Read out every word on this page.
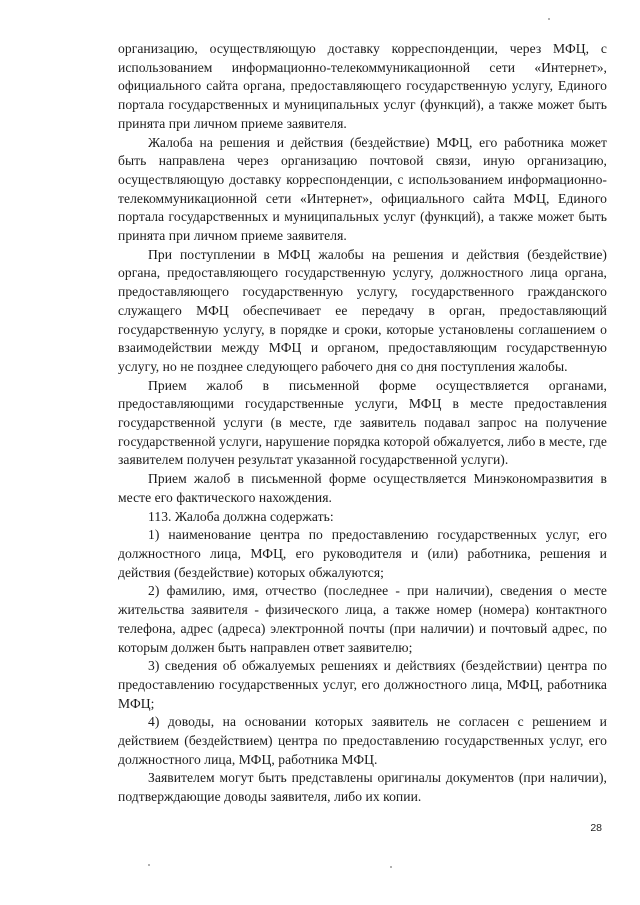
организацию, осуществляющую доставку корреспонденции, через МФЦ, с использованием информационно-телекоммуникационной сети «Интернет», официального сайта органа, предоставляющего государственную услугу, Единого портала государственных и муниципальных услуг (функций), а также может быть принята при личном приеме заявителя.

Жалоба на решения и действия (бездействие) МФЦ, его работника может быть направлена через организацию почтовой связи, иную организацию, осуществляющую доставку корреспонденции, с использованием информационно-телекоммуникационной сети «Интернет», официального сайта МФЦ, Единого портала государственных и муниципальных услуг (функций), а также может быть принята при личном приеме заявителя.

При поступлении в МФЦ жалобы на решения и действия (бездействие) органа, предоставляющего государственную услугу, должностного лица органа, предоставляющего государственную услугу, государственного гражданского служащего МФЦ обеспечивает ее передачу в орган, предоставляющий государственную услугу, в порядке и сроки, которые установлены соглашением о взаимодействии между МФЦ и органом, предоставляющим государственную услугу, но не позднее следующего рабочего дня со дня поступления жалобы.

Прием жалоб в письменной форме осуществляется органами, предоставляющими государственные услуги, МФЦ в месте предоставления государственной услуги (в месте, где заявитель подавал запрос на получение государственной услуги, нарушение порядка которой обжалуется, либо в месте, где заявителем получен результат указанной государственной услуги).

Прием жалоб в письменной форме осуществляется Минэкономразвития в месте его фактического нахождения.

113. Жалоба должна содержать:

1) наименование центра по предоставлению государственных услуг, его должностного лица, МФЦ, его руководителя и (или) работника, решения и действия (бездействие) которых обжалуются;

2) фамилию, имя, отчество (последнее - при наличии), сведения о месте жительства заявителя - физического лица, а также номер (номера) контактного телефона, адрес (адреса) электронной почты (при наличии) и почтовый адрес, по которым должен быть направлен ответ заявителю;

3) сведения об обжалуемых решениях и действиях (бездействии) центра по предоставлению государственных услуг, его должностного лица, МФЦ, работника МФЦ;

4) доводы, на основании которых заявитель не согласен с решением и действием (бездействием) центра по предоставлению государственных услуг, его должностного лица, МФЦ, работника МФЦ.

Заявителем могут быть представлены оригиналы документов (при наличии), подтверждающие доводы заявителя, либо их копии.

28
